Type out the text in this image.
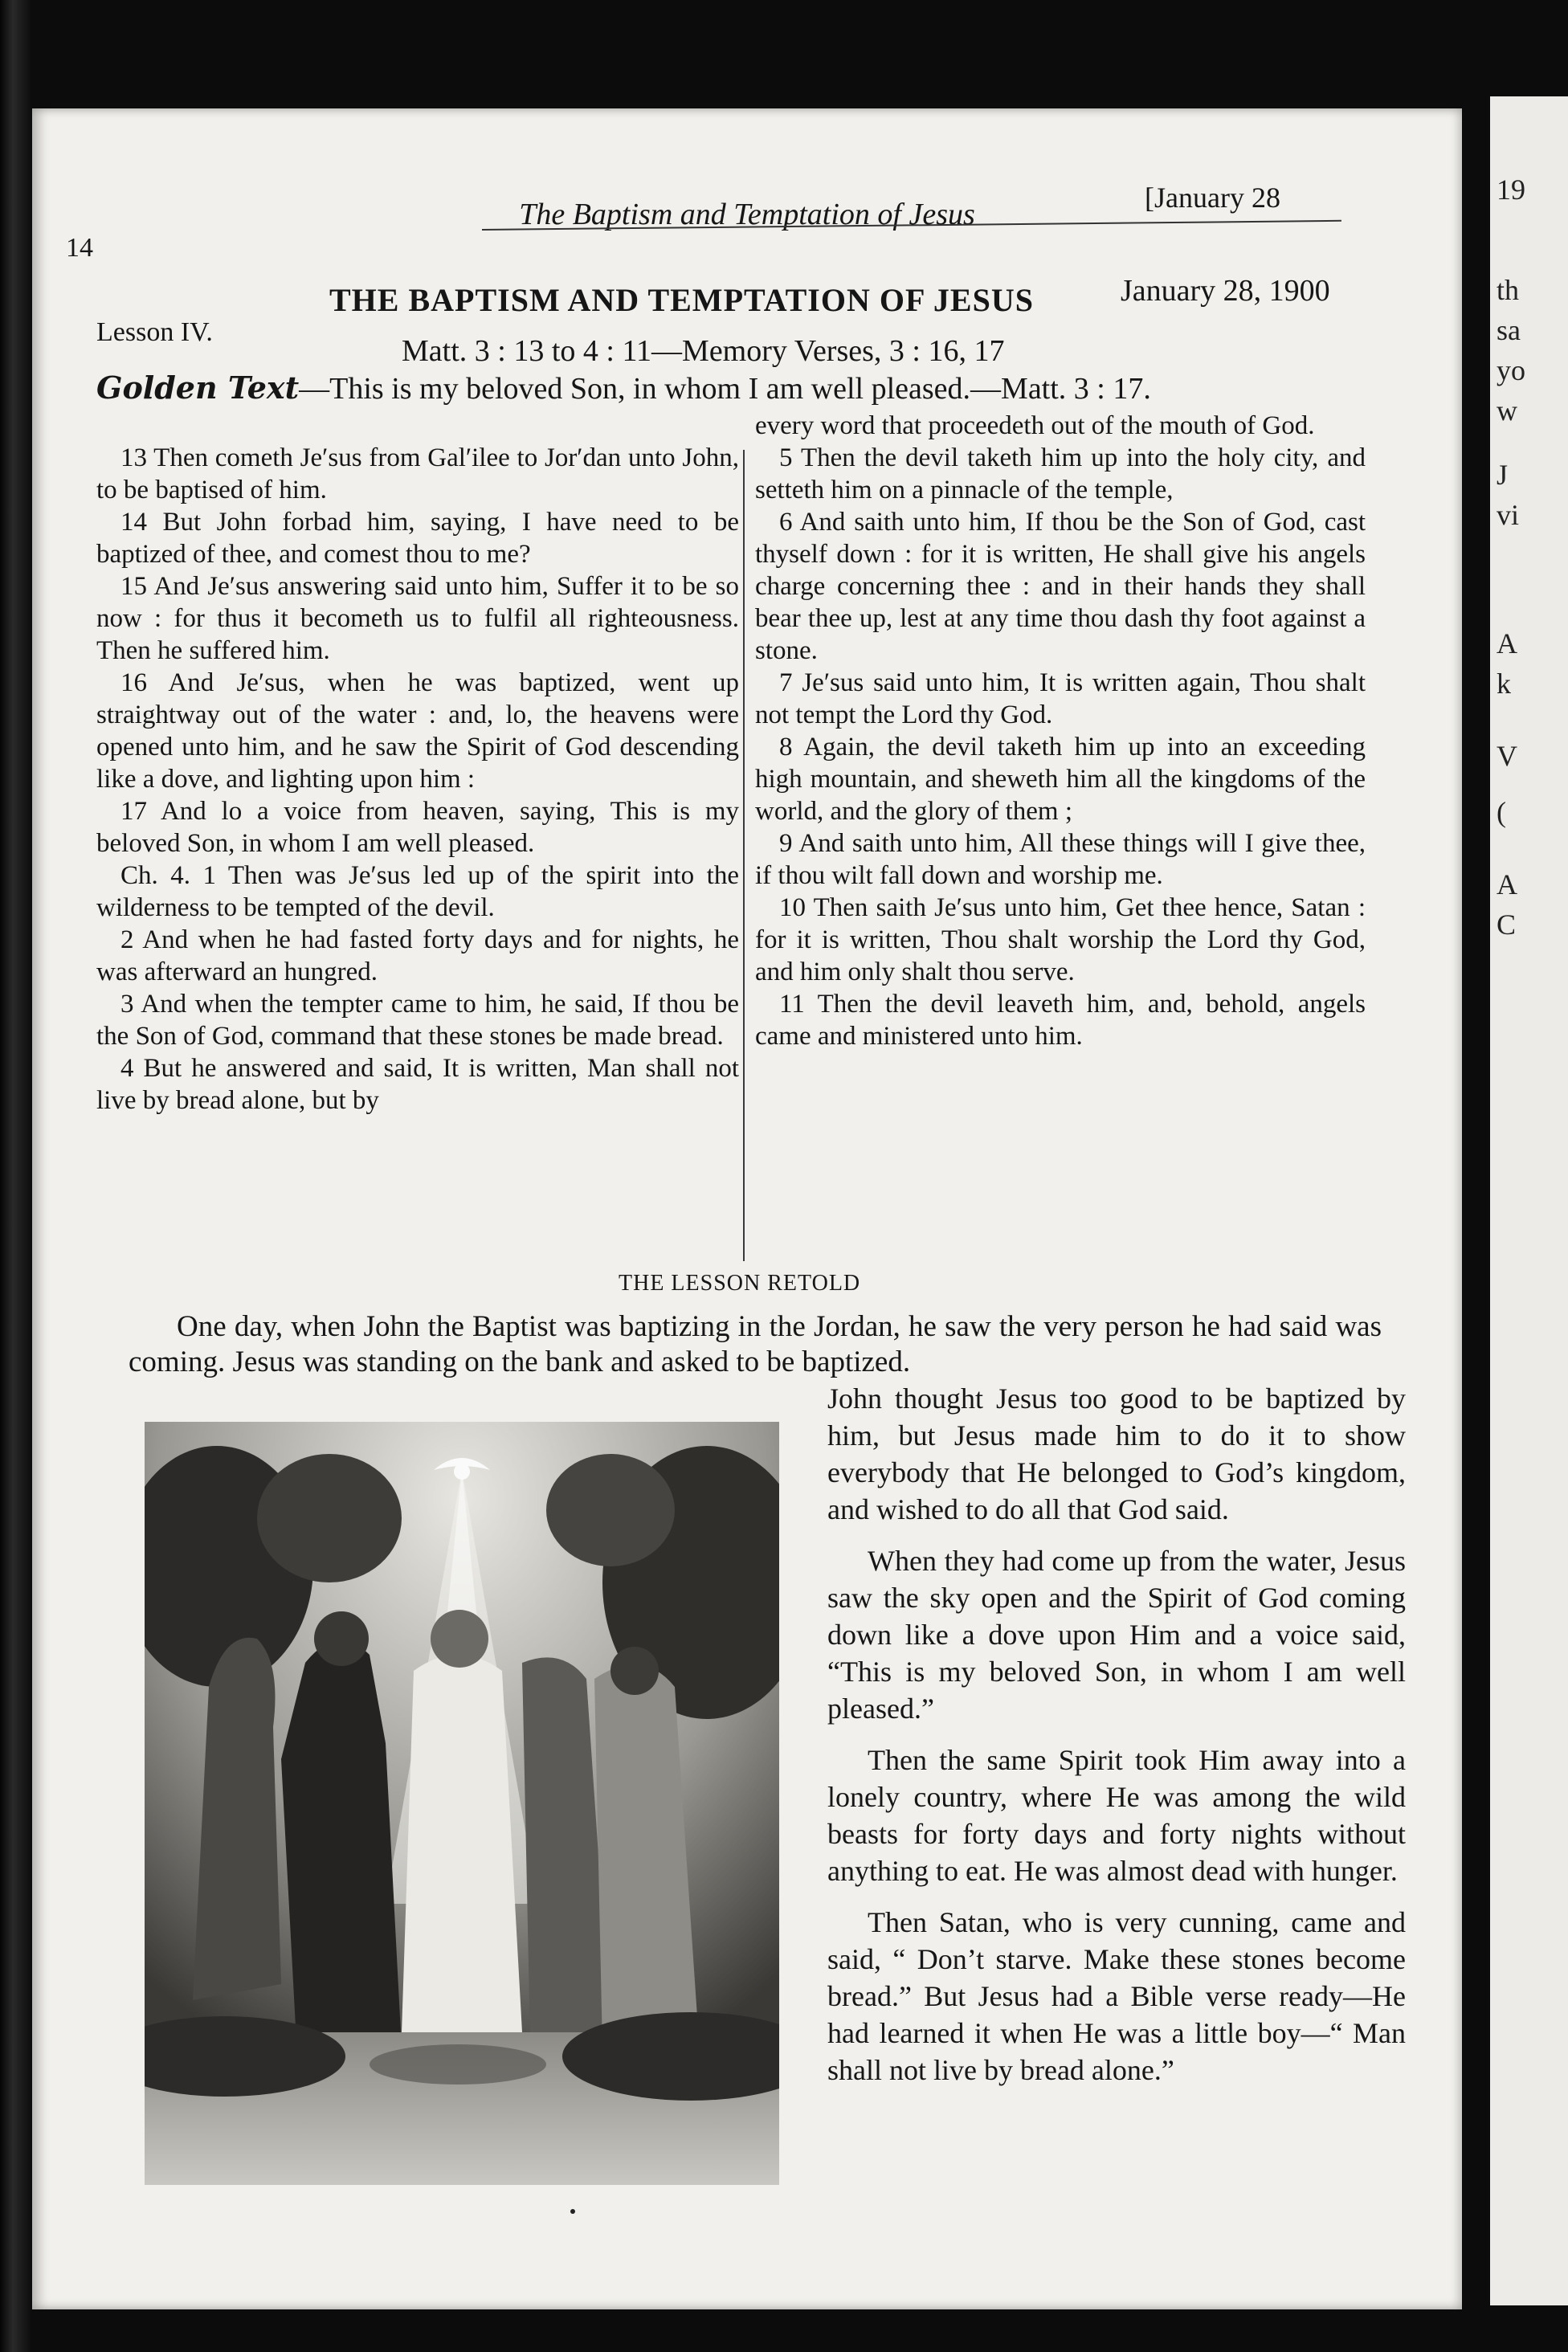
19
th
sa
yo
w
J
vi
A
k
V
(
A
C
14
The Baptism and Temptation of Jesus	[January 28
Lesson IV.
THE BAPTISM AND TEMPTATION OF JESUS	January 28, 1900
Matt. 3 : 13 to 4 : 11—Memory Verses, 3 : 16, 17
Golden Text—This is my beloved Son, in whom I am well pleased.—Matt. 3 : 17.

13 Then cometh Je′sus from Gal′ilee to Jor′dan unto John, to be baptised of him.

14 But John forbad him, saying, I have need to be baptized of thee, and comest thou to me?

15 And Je′sus answering said unto him, Suffer it to be so now : for thus it becometh us to fulfil all righteousness. Then he suffered him.

16 And Je′sus, when he was baptized, went up straightway out of the water : and, lo, the heavens were opened unto him, and he saw the Spirit of God descending like a dove, and lighting upon him :

17 And lo a voice from heaven, saying, This is my beloved Son, in whom I am well pleased.

Ch. 4. 1 Then was Je′sus led up of the spirit into the wilderness to be tempted of the devil.

2 And when he had fasted forty days and for nights, he was afterward an hungred.

3 And when the tempter came to him, he said, If thou be the Son of God, command that these stones be made bread.

4 But he answered and said, It is written, Man shall not live by bread alone, but by

every word that proceedeth out of the mouth of God.

5 Then the devil taketh him up into the holy city, and setteth him on a pinnacle of the temple,

6 And saith unto him, If thou be the Son of God, cast thyself down : for it is written, He shall give his angels charge concerning thee : and in their hands they shall bear thee up, lest at any time thou dash thy foot against a stone.

7 Je′sus said unto him, It is written again, Thou shalt not tempt the Lord thy God.

8 Again, the devil taketh him up into an exceeding high mountain, and sheweth him all the kingdoms of the world, and the glory of them ;

9 And saith unto him, All these things will I give thee, if thou wilt fall down and worship me.

10 Then saith Je′sus unto him, Get thee hence, Satan : for it is written, Thou shalt worship the Lord thy God, and him only shalt thou serve.

11 Then the devil leaveth him, and, behold, angels came and ministered unto him.

THE LESSON RETOLD
One day, when John the Baptist was baptizing in the Jordan, he saw the very person he had said was coming. Jesus was standing on the bank and asked to be baptized.

John thought Jesus too good to be baptized by him, but Jesus made him to do it to show everybody that He belonged to God’s kingdom, and wished to do all that God said.

When they had come up from the water, Jesus saw the sky open and the Spirit of God coming down like a dove upon Him and a voice said, “This is my beloved Son, in whom I am well pleased.”

Then the same Spirit took Him away into a lonely country, where He was among the wild beasts for forty days and forty nights without anything to eat. He was almost dead with hunger.

Then Satan, who is very cunning, came and said, “ Don’t starve. Make these stones become bread.” But Jesus had a Bible verse ready—He had learned it when He was a little boy—“ Man shall not live by bread alone.”
